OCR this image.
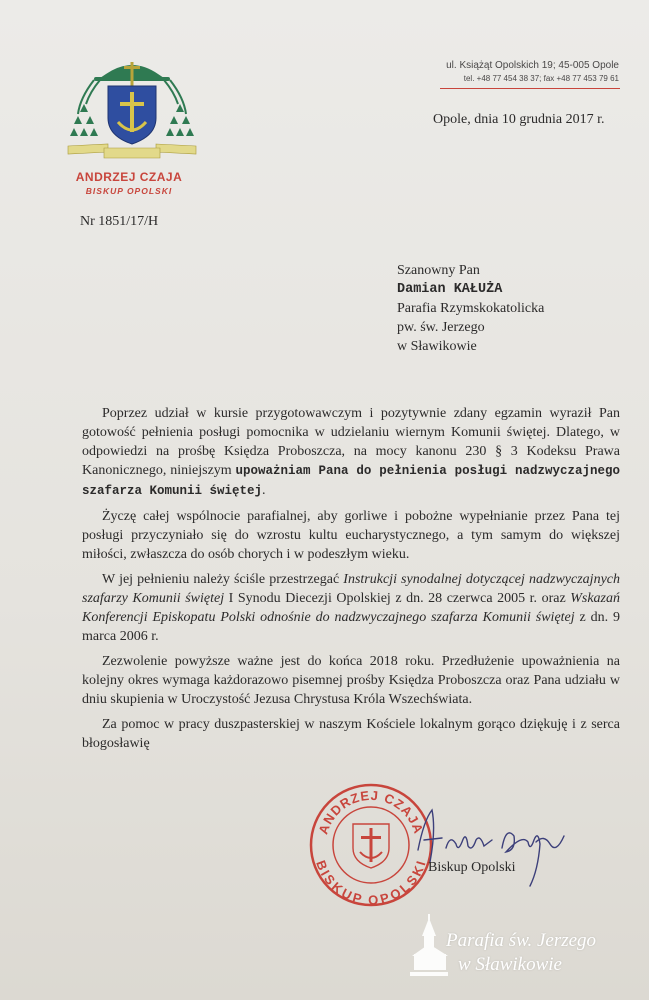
ANDRZEJ CZAJA
BISKUP OPOLSKI
Nr 1851/17/H
ul. Książąt Opolskich 19; 45-005 Opole
tel. +48 77 454 38 37; fax +48 77 453 79 61
Opole, dnia 10 grudnia 2017 r.
Szanowny Pan
Damian KAŁUŻA
Parafia Rzymskokatolicka
pw. św. Jerzego
w Sławikowie

Poprzez udział w kursie przygotowawczym i pozytywnie zdany egzamin wyraził Pan gotowość pełnienia posługi pomocnika w udzielaniu wiernym Komunii świętej. Dlatego, w odpowiedzi na prośbę Księdza Proboszcza, na mocy kanonu 230 § 3 Kodeksu Prawa Kanonicznego, niniejszym upoważniam Pana do pełnienia posługi nadzwyczajnego szafarza Komunii świętej.

Życzę całej wspólnocie parafialnej, aby gorliwe i pobożne wypełnianie przez Pana tej posługi przyczyniało się do wzrostu kultu eucharystycznego, a tym samym do większej miłości, zwłaszcza do osób chorych i w podeszłym wieku.

W jej pełnieniu należy ściśle przestrzegać Instrukcji synodalnej dotyczącej nadzwyczajnych szafarzy Komunii świętej I Synodu Diecezji Opolskiej z dn. 28 czerwca 2005 r. oraz Wskazań Konferencji Episkopatu Polski odnośnie do nadzwyczajnego szafarza Komunii świętej z dn. 9 marca 2006 r.

Zezwolenie powyższe ważne jest do końca 2018 roku. Przedłużenie upoważnienia na kolejny okres wymaga każdorazowo pisemnej prośby Księdza Proboszcza oraz Pana udziału w dniu skupienia w Uroczystość Jezusa Chrystusa Króla Wszechświata.

Za pomoc w pracy duszpasterskiej w naszym Kościele lokalnym gorąco dziękuję i z serca błogosławię

ANDRZEJ CZAJA
BISKUP OPOLSKI Biskup Opolski
Parafia św. Jerzego
w Sławikowie
